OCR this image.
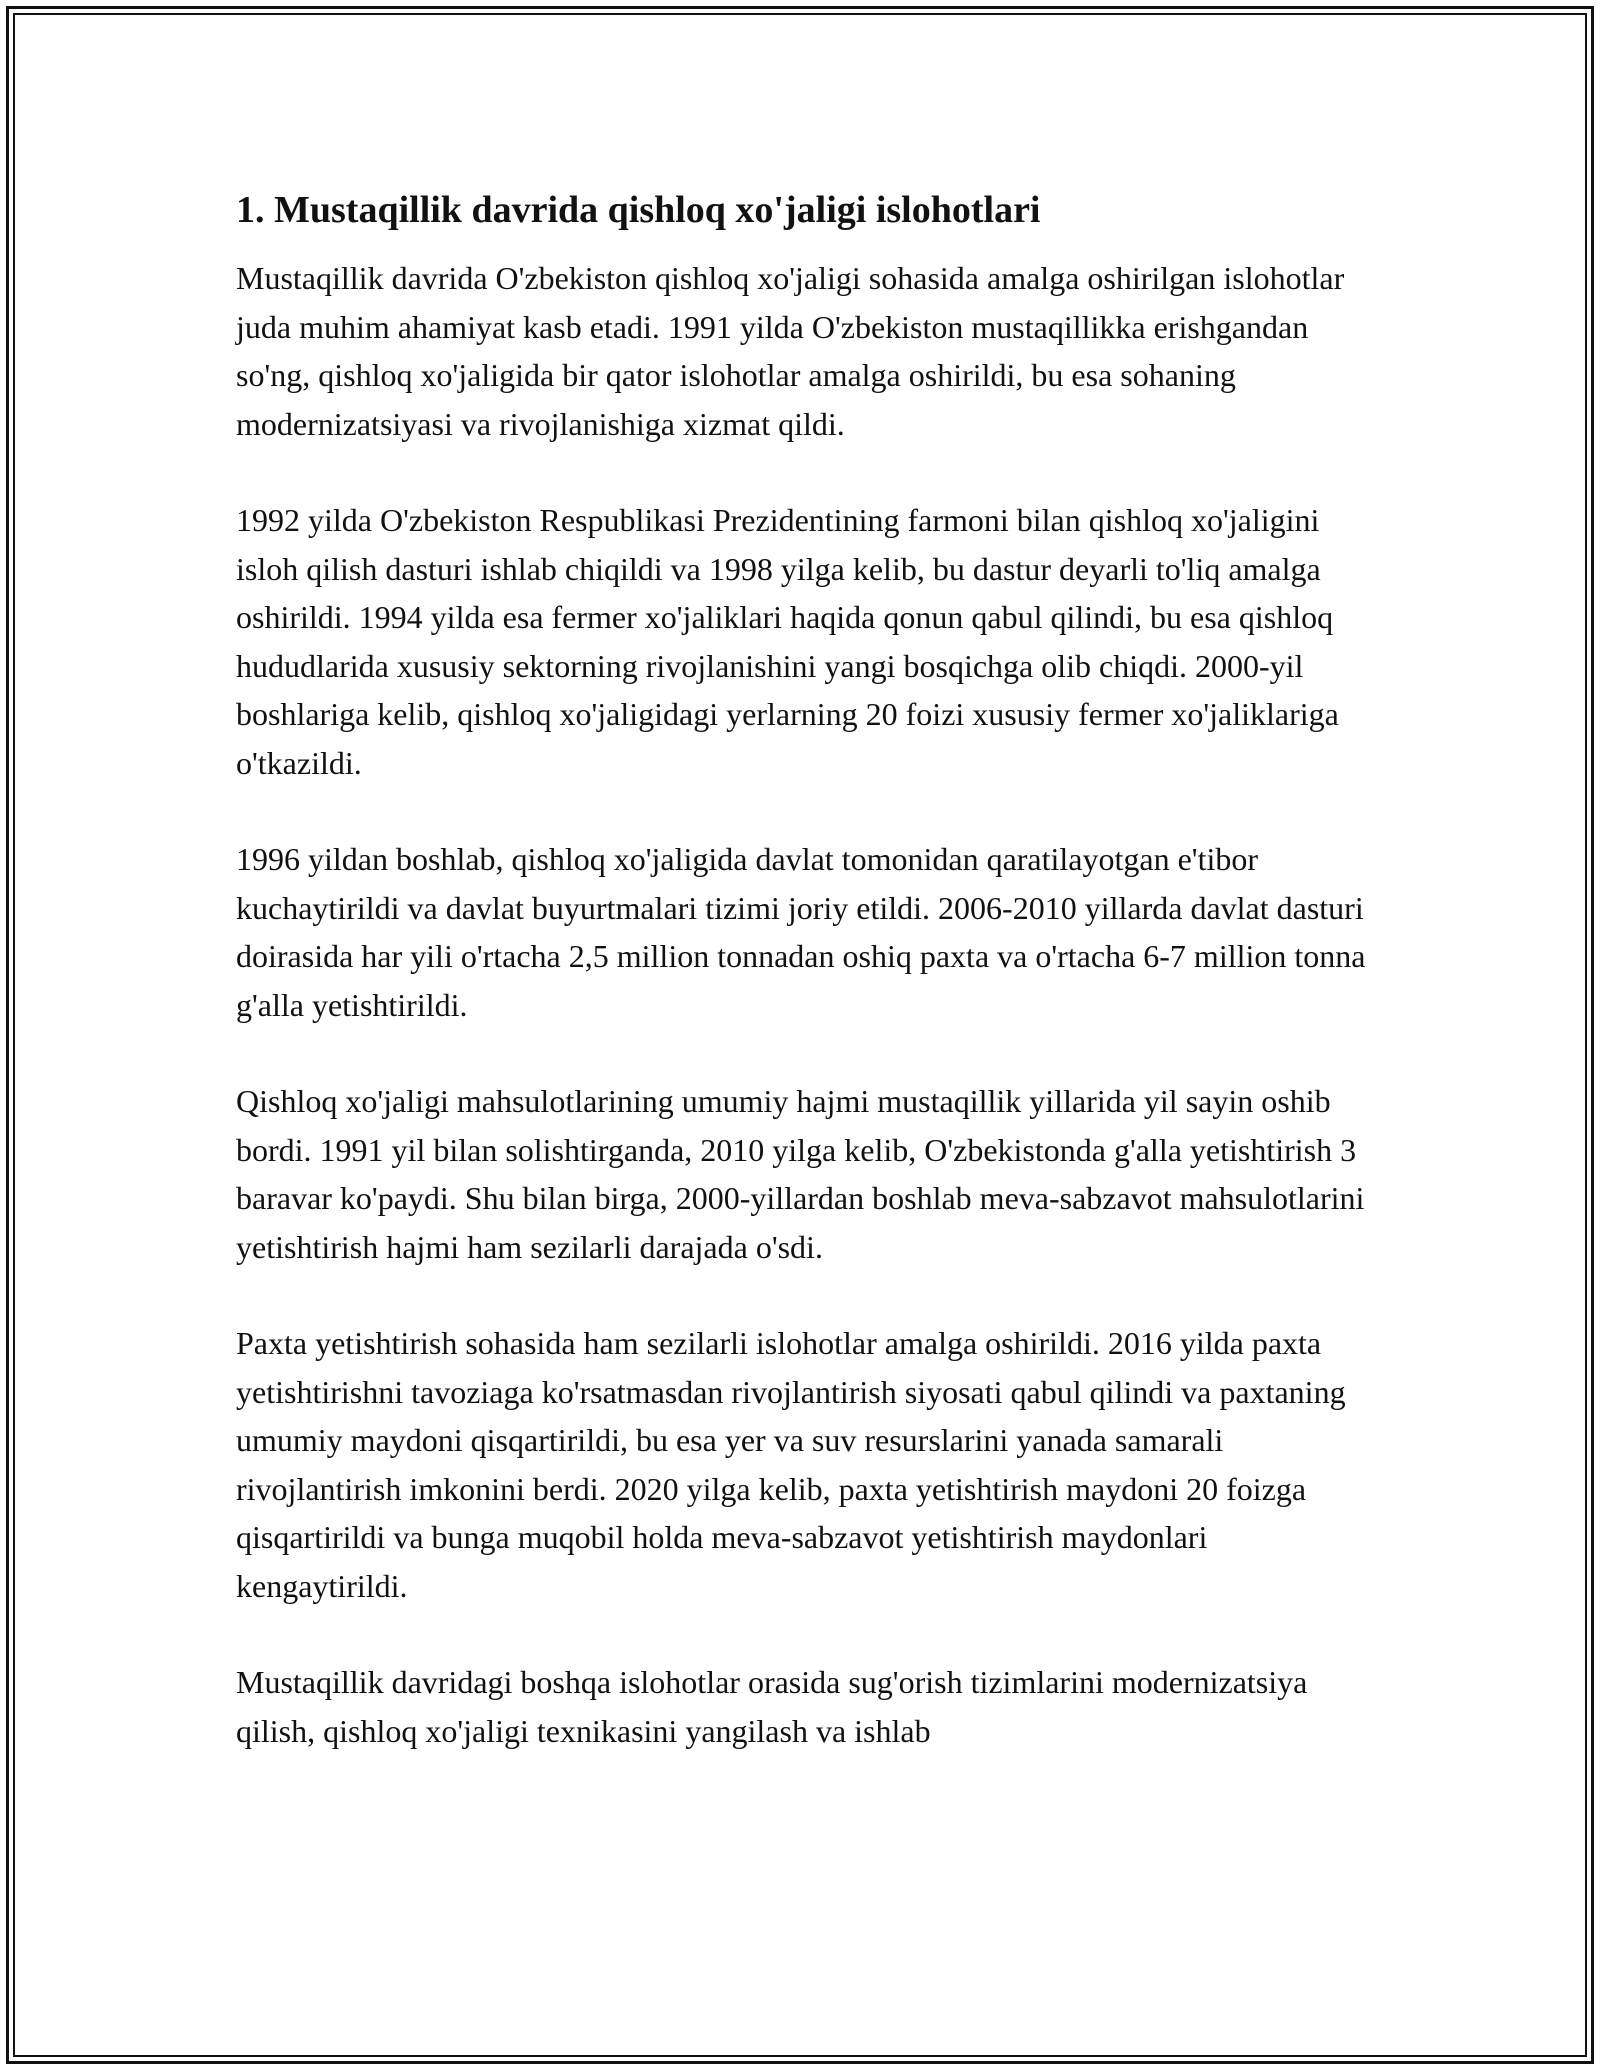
1. Mustaqillik davrida qishloq xo'jaligi islohotlari

Mustaqillik davrida O'zbekiston qishloq xo'jaligi sohasida amalga oshirilgan islohotlar juda muhim ahamiyat kasb etadi. 1991 yilda O'zbekiston mustaqillikka erishgandan so'ng, qishloq xo'jaligida bir qator islohotlar amalga oshirildi, bu esa sohaning modernizatsiyasi va rivojlanishiga xizmat qildi.

1992 yilda O'zbekiston Respublikasi Prezidentining farmoni bilan qishloq xo'jaligini isloh qilish dasturi ishlab chiqildi va 1998 yilga kelib, bu dastur deyarli to'liq amalga oshirildi. 1994 yilda esa fermer xo'jaliklari haqida qonun qabul qilindi, bu esa qishloq hududlarida xususiy sektorning rivojlanishini yangi bosqichga olib chiqdi. 2000-yil boshlariga kelib, qishloq xo'jaligidagi yerlarning 20 foizi xususiy fermer xo'jaliklariga o'tkazildi.

1996 yildan boshlab, qishloq xo'jaligida davlat tomonidan qaratilayotgan e'tibor kuchaytirildi va davlat buyurtmalari tizimi joriy etildi. 2006-2010 yillarda davlat dasturi doirasida har yili o'rtacha 2,5 million tonnadan oshiq paxta va o'rtacha 6-7 million tonna g'alla yetishtirildi.

Qishloq xo'jaligi mahsulotlarining umumiy hajmi mustaqillik yillarida yil sayin oshib bordi. 1991 yil bilan solishtirganda, 2010 yilga kelib, O'zbekistonda g'alla yetishtirish 3 baravar ko'paydi. Shu bilan birga, 2000-yillardan boshlab meva-sabzavot mahsulotlarini yetishtirish hajmi ham sezilarli darajada o'sdi.

Paxta yetishtirish sohasida ham sezilarli islohotlar amalga oshirildi. 2016 yilda paxta yetishtirishni tavoziaga ko'rsatmasdan rivojlantirish siyosati qabul qilindi va paxtaning umumiy maydoni qisqartirildi, bu esa yer va suv resurslarini yanada samarali rivojlantirish imkonini berdi. 2020 yilga kelib, paxta yetishtirish maydoni 20 foizga qisqartirildi va bunga muqobil holda meva-sabzavot yetishtirish maydonlari kengaytirildi.

Mustaqillik davridagi boshqa islohotlar orasida sug'orish tizimlarini modernizatsiya qilish, qishloq xo'jaligi texnikasini yangilash va ishlab
